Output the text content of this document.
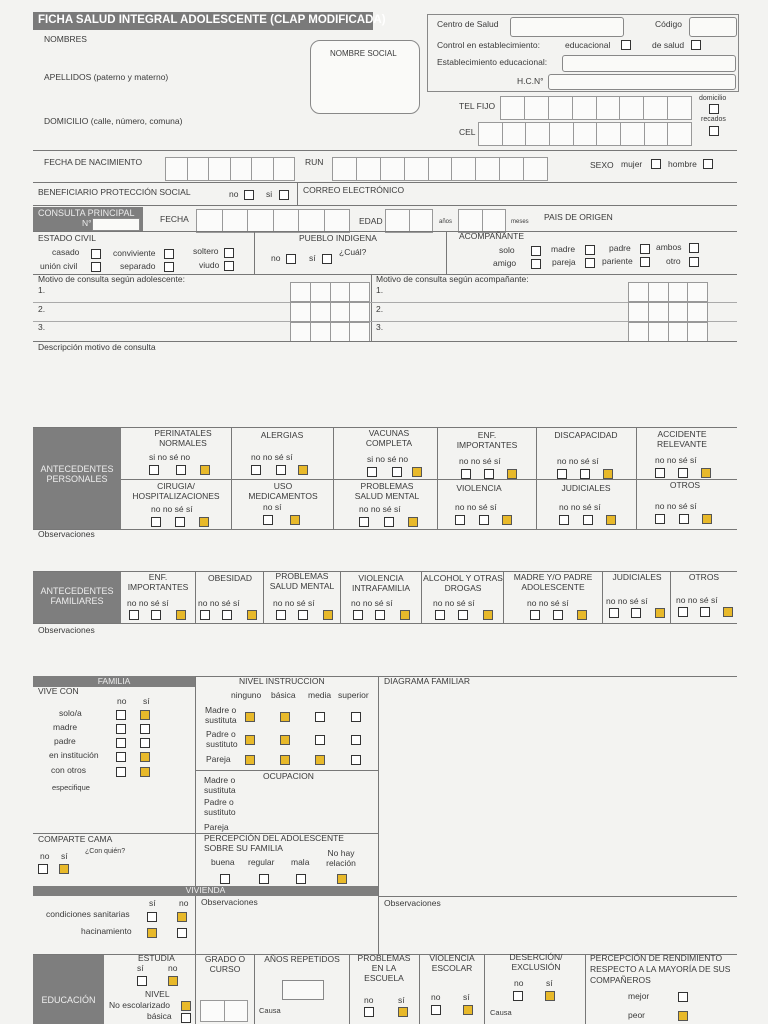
FICHA SALUD INTEGRAL ADOLESCENTE (CLAP MODIFICADA)
NOMBRES
NOMBRE SOCIAL
APELLIDOS (paterno y materno)
DOMICILIO (calle, número, comuna)
Centro de Salud	Código
Control en establecimiento:	educacional	de salud
Establecimiento educacional:
H.C.N°
TEL FIJO
CEL
domicilio
recados
FECHA DE NACIMIENTO	RUN	SEXO mujer	hombre
BENEFICIARIO PROTECCIÓN SOCIAL	no	si	CORREO ELECTRÓNICO
CONSULTA PRINCIPAL
N°	FECHA	EDAD	años	meses PAIS DE ORIGEN
ESTADO CIVIL
casado	conviviente	soltero
unión civil	separado	viudo
PUEBLO INDIGENA
no	sí
¿Cuál?
ACOMPAÑANTE
solo	madre	padre	ambos
amigo	pareja	pariente	otro
Motivo de consulta según adolescente:	Motivo de consulta según acompañante:
1.
2.
3.
1.
2.
3.
Descripción motivo de consulta
ANTECEDENTES PERSONALES
PERINATALES NORMALES
si no sé no
ALERGIAS
no no sé sí
VACUNAS COMPLETA
si no sé no
ENF. IMPORTANTES
no no sé sí
DISCAPACIDAD
no no sé sí
ACCIDENTE RELEVANTE
no no sé sí
CIRUGIA/ HOSPITALIZACIONES
no no sé sí
USO MEDICAMENTOS
no sí
PROBLEMAS SALUD MENTAL
no no sé sí
VIOLENCIA
no no sé sí
JUDICIALES
no no sé sí
OTROS
no no sé sí
Observaciones
ANTECEDENTES FAMILIARES
ENF. IMPORTANTES
no no sé sí
OBESIDAD
no no sé sí
PROBLEMAS SALUD MENTAL
no no sé sí
VIOLENCIA INTRAFAMILIA
no no sé sí
ALCOHOL Y OTRAS DROGAS
no no sé sí
MADRE Y/O PADRE ADOLESCENTE
no no sé sí
JUDICIALES
no no sé sí
OTROS
no no sé sí
Observaciones
FAMILIA
VIVE CON
no sí
solo/a
madre
padre
en institución
con otros
especifique
NIVEL INSTRUCCION
ninguno básica media superior
Madre o sustituta
Padre o sustituto
Pareja
OCUPACION
Madre o sustituta
Padre o sustituto
Pareja
DIAGRAMA FAMILIAR
COMPARTE CAMA
¿Con quién?
no sí
PERCEPCIÓN DEL ADOLESCENTE SOBRE SU FAMILIA
buena regular mala
No hay relación
VIVIENDA
sí	no
condiciones sanitarias
hacinamiento
Observaciones	Observaciones
EDUCACIÓN
ESTUDIA
sí	no
NIVEL
No escolarizado
básica
GRADO O CURSO
AÑOS REPETIDOS
Causa
PROBLEMAS EN LA ESCUELA
no	sí
VIOLENCIA ESCOLAR
no	sí
DESERCIÓN/ EXCLUSIÓN
no	sí
Causa
PERCEPCIÓN DE RENDIMIENTO RESPECTO A LA MAYORÍA DE SUS COMPAÑEROS
mejor
peor
